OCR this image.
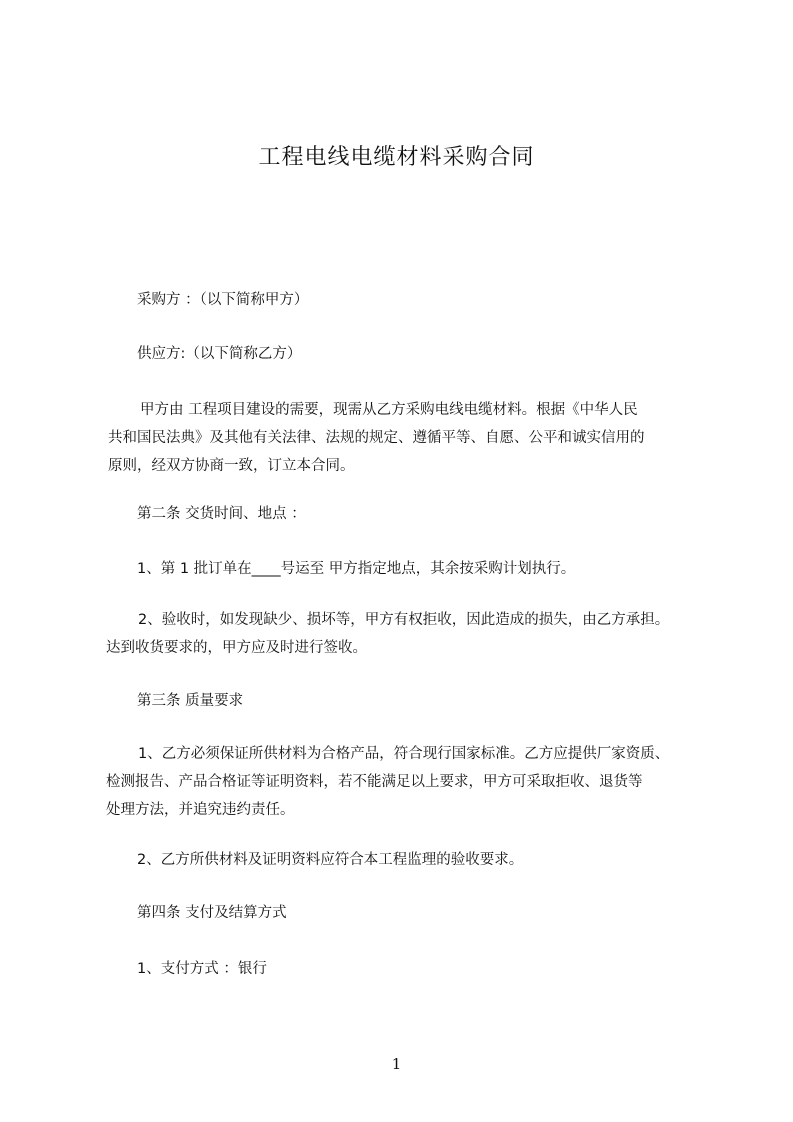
工程电线电缆材料采购合同
采购方 ：（以下简称甲方）
供应方:（以下简称乙方）
甲方由 工程项目建设的需要，现需从乙方采购电线电缆材料。根据《中华人民
共和国民法典》及其他有关法律、法规的规定、遵循平等、自愿、公平和诚实信用的
原则，经双方协商一致，订立本合同。
第二条 交货时间、地点 ：
1、第 1 批订单在____号运至 甲方指定地点，其余按采购计划执行。
2、验收时，如发现缺少、损坏等，甲方有权拒收，因此造成的损失，由乙方承担。
达到收货要求的，甲方应及时进行签收。
第三条 质量要求
1、乙方必须保证所供材料为合格产品，符合现行国家标准。乙方应提供厂家资质、
检测报告、产品合格证等证明资料，若不能满足以上要求，甲方可采取拒收、退货等
处理方法，并追究违约责任。
2、乙方所供材料及证明资料应符合本工程监理的验收要求。
第四条 支付及结算方式
1、支付方式 ：银行
1
